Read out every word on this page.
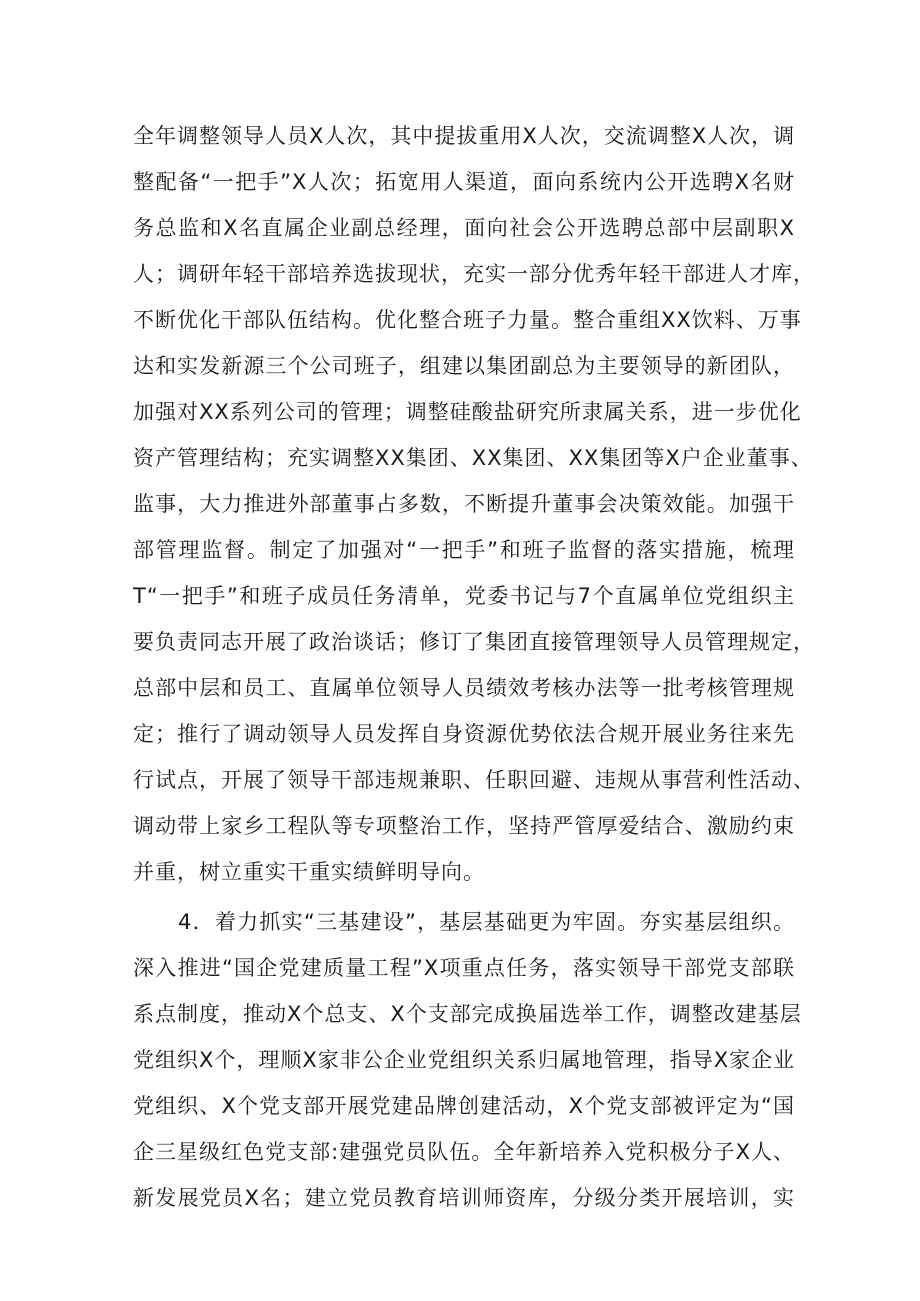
全年调整领导人员X人次，其中提拔重用X人次，交流调整X人次，调
整配备“一把手”X人次；拓宽用人渠道，面向系统内公开选聘X名财
务总监和X名直属企业副总经理，面向社会公开选聘总部中层副职X
人；调研年轻干部培养选拔现状，充实一部分优秀年轻干部进人才库，
不断优化干部队伍结构。优化整合班子力量。整合重组XX饮料、万事
达和实发新源三个公司班子，组建以集团副总为主要领导的新团队，
加强对XX系列公司的管理；调整硅酸盐研究所隶属关系，进一步优化
资产管理结构；充实调整XX集团、XX集团、XX集团等X户企业董事、
监事，大力推进外部董事占多数，不断提升董事会决策效能。加强干
部管理监督。制定了加强对“一把手”和班子监督的落实措施，梳理
T“一把手”和班子成员任务清单，党委书记与7个直属单位党组织主
要负责同志开展了政治谈话；修订了集团直接管理领导人员管理规定，
总部中层和员工、直属单位领导人员绩效考核办法等一批考核管理规
定；推行了调动领导人员发挥自身资源优势依法合规开展业务往来先
行试点，开展了领导干部违规兼职、任职回避、违规从事营利性活动、
调动带上家乡工程队等专项整治工作，坚持严管厚爱结合、激励约束
并重，树立重实干重实绩鲜明导向。
4．着力抓实“三基建设”，基层基础更为牢固。夯实基层组织。
深入推进“国企党建质量工程”X项重点任务，落实领导干部党支部联
系点制度，推动X个总支、X个支部完成换届选举工作，调整改建基层
党组织X个，理顺X家非公企业党组织关系归属地管理，指导X家企业
党组织、X个党支部开展党建品牌创建活动，X个党支部被评定为“国
企三星级红色党支部:建强党员队伍。全年新培养入党积极分子X人、
新发展党员X名；建立党员教育培训师资库，分级分类开展培训，实
